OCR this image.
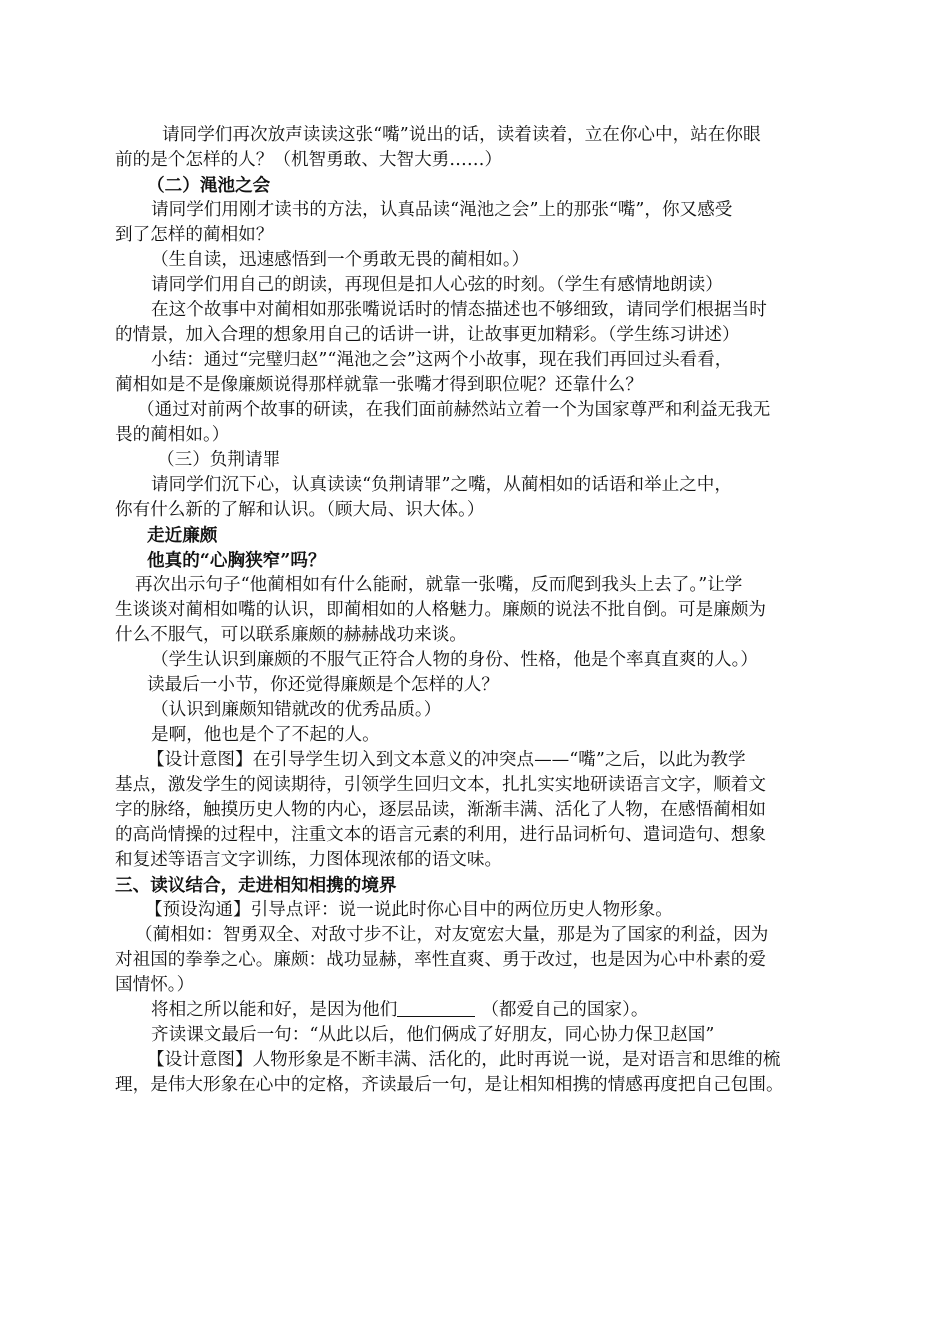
请同学们再次放声读读这张“嘴”说出的话，读着读着，立在你心中，站在你眼
前的是个怎样的人？（机智勇敢、大智大勇……）

（二）渑池之会

请同学们用刚才读书的方法，认真品读“渑池之会”上的那张“嘴”，你又感受
到了怎样的蔺相如？

（生自读，迅速感悟到一个勇敢无畏的蔺相如。）

请同学们用自己的朗读，再现但是扣人心弦的时刻。（学生有感情地朗读）

在这个故事中对蔺相如那张嘴说话时的情态描述也不够细致，请同学们根据当时
的情景，加入合理的想象用自己的话讲一讲，让故事更加精彩。（学生练习讲述）

小结：通过“完璧归赵”“渑池之会”这两个小故事，现在我们再回过头看看，
蔺相如是不是像廉颇说得那样就靠一张嘴才得到职位呢？还靠什么？

（通过对前两个故事的研读，在我们面前赫然站立着一个为国家尊严和利益无我无
畏的蔺相如。）

（三）负荆请罪

请同学们沉下心，认真读读“负荆请罪”之嘴，从蔺相如的话语和举止之中，
你有什么新的了解和认识。（顾大局、识大体。）

走近廉颇

他真的“心胸狭窄”吗？

再次出示句子“他蔺相如有什么能耐，就靠一张嘴，反而爬到我头上去了。”让学
生谈谈对蔺相如嘴的认识，即蔺相如的人格魅力。廉颇的说法不批自倒。可是廉颇为
什么不服气，可以联系廉颇的赫赫战功来谈。

（学生认识到廉颇的不服气正符合人物的身份、性格，他是个率真直爽的人。）

读最后一小节，你还觉得廉颇是个怎样的人？

（认识到廉颇知错就改的优秀品质。）

是啊，他也是个了不起的人。

【设计意图】在引导学生切入到文本意义的冲突点——“嘴”之后，以此为教学
基点，激发学生的阅读期待，引领学生回归文本，扎扎实实地研读语言文字，顺着文
字的脉络，触摸历史人物的内心，逐层品读，渐渐丰满、活化了人物，在感悟蔺相如
的高尚情操的过程中，注重文本的语言元素的利用，进行品词析句、遣词造句、想象
和复述等语言文字训练，力图体现浓郁的语文味。

三、读议结合，走进相知相携的境界

【预设沟通】引导点评：说一说此时你心目中的两位历史人物形象。

（蔺相如：智勇双全、对敌寸步不让，对友宽宏大量，那是为了国家的利益，因为
对祖国的拳拳之心。廉颇：战功显赫，率性直爽、勇于改过，也是因为心中朴素的爱
国情怀。）

将相之所以能和好，是因为他们	（都爱自己的国家）。

齐读课文最后一句：“从此以后，他们俩成了好朋友，同心协力保卫赵国”

【设计意图】人物形象是不断丰满、活化的，此时再说一说，是对语言和思维的梳
理，是伟大形象在心中的定格，齐读最后一句，是让相知相携的情感再度把自己包围。
